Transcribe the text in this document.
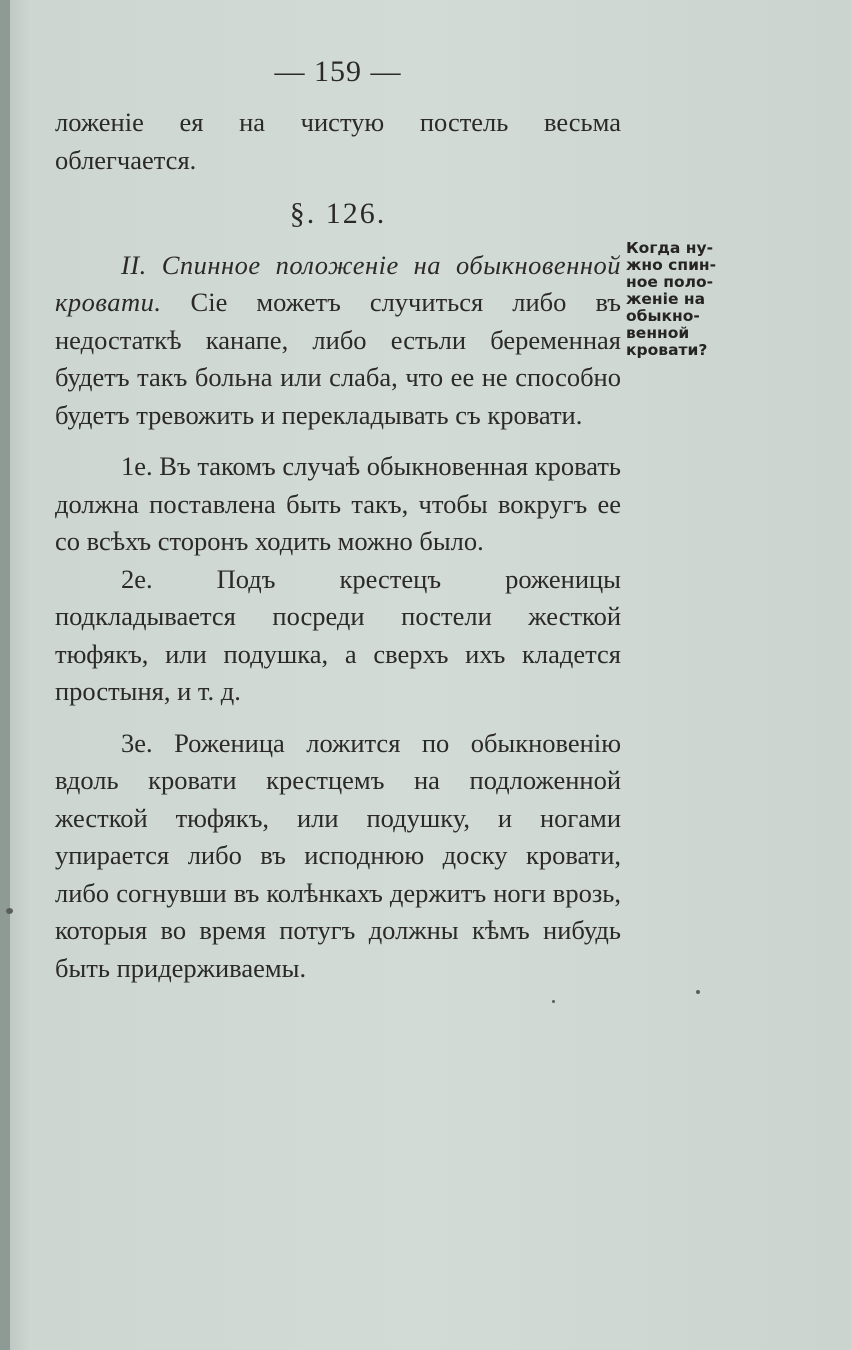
— 159 —

ложеніе ея на чистую постель весьма облегчается.

§. 126.

II. Спинное положеніе на обыкновенной кровати. Сіе можетъ случиться либо въ недостаткѣ канапе, либо естьли беременная будетъ такъ больна или слаба, что ее не способно будетъ тревожить и перекладывать съ кровати.

1е. Въ такомъ случаѣ обыкновенная кровать должна поставлена быть такъ, чтобы вокругъ ее со всѣхъ сторонъ ходить можно было.

2е. Подъ крестецъ роженицы подкладывается посреди постели жесткой тюфякъ, или подушка, а сверхъ ихъ кладется простыня, и т. д.

3е. Роженица ложится по обыкновенію вдоль кровати крестцемъ на подложенной жесткой тюфякъ, или подушку, и ногами упирается либо въ исподнюю доску кровати, либо согнувши въ колѣнкахъ держитъ ноги врозь, которыя во время потугъ должны кѣмъ нибудь быть придерживаемы.

Когда ну-
жно спин-
ное поло-
женіе на
обыкно-
венной
кровати?
